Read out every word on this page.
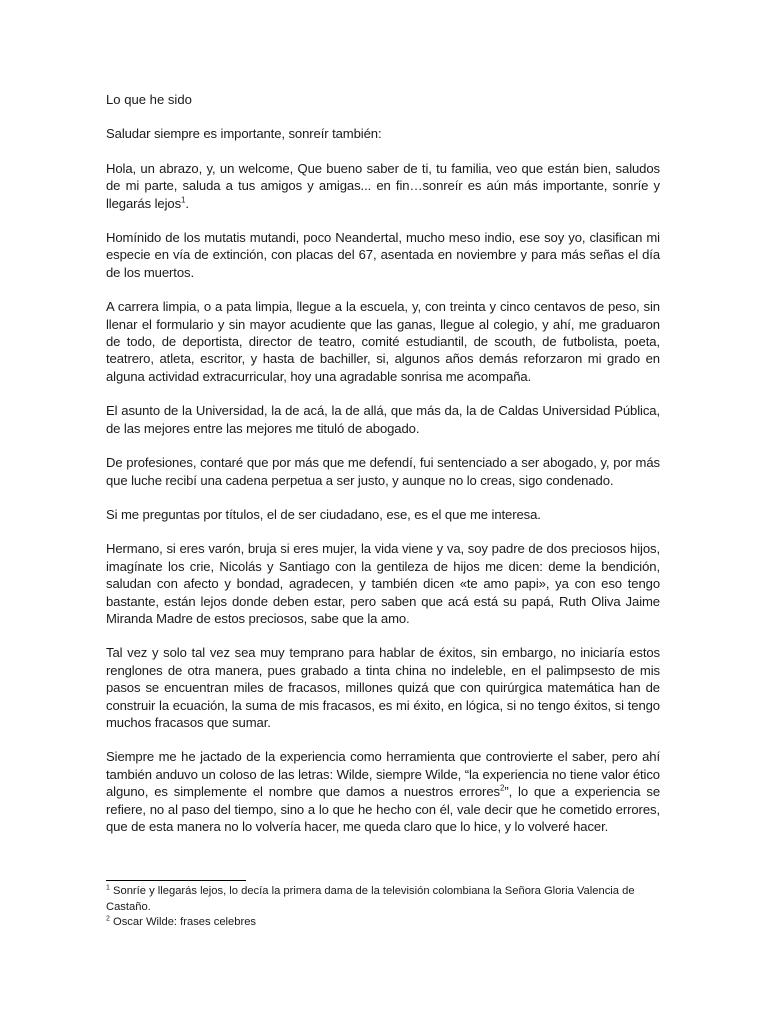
Lo que he sido

Saludar siempre es importante, sonreír también:

Hola, un abrazo, y, un welcome, Que bueno saber de ti, tu familia, veo que están bien, saludos de mi parte, saluda a tus amigos y amigas... en fin…sonreír es aún más importante, sonríe y llegarás lejos$^1$.

Homínido de los mutatis mutandi, poco Neandertal, mucho meso indio, ese soy yo, clasifican mi especie en vía de extinción, con placas del 67, asentada en noviembre y para más señas el día de los muertos.

A carrera limpia, o a pata limpia, llegue a la escuela, y, con treinta y cinco centavos de peso, sin llenar el formulario y sin mayor acudiente que las ganas, llegue al colegio, y ahí, me graduaron de todo, de deportista, director de teatro, comité estudiantil, de scouth, de futbolista, poeta, teatrero, atleta, escritor, y hasta de bachiller, si, algunos años demás reforzaron mi grado en alguna actividad extracurricular, hoy una agradable sonrisa me acompaña.

El asunto de la Universidad, la de acá, la de allá, que más da, la de Caldas Universidad Pública, de las mejores entre las mejores me tituló de abogado.

De profesiones, contaré que por más que me defendí, fui sentenciado a ser abogado, y, por más que luche recibí una cadena perpetua a ser justo, y aunque no lo creas, sigo condenado.

Si me preguntas por títulos, el de ser ciudadano, ese, es el que me interesa.

Hermano, si eres varón, bruja si eres mujer, la vida viene y va, soy padre de dos preciosos hijos, imagínate los crie, Nicolás y Santiago con la gentileza de hijos me dicen: deme la bendición, saludan con afecto y bondad, agradecen, y también dicen «te amo papi», ya con eso tengo bastante, están lejos donde deben estar, pero saben que acá está su papá, Ruth Oliva Jaime Miranda Madre de estos preciosos, sabe que la amo.

Tal vez y solo tal vez sea muy temprano para hablar de éxitos, sin embargo, no iniciaría estos renglones de otra manera, pues grabado a tinta china no indeleble, en el palimpsesto de mis pasos se encuentran miles de fracasos, millones quizá que con quirúrgica matemática han de construir la ecuación, la suma de mis fracasos, es mi éxito, en lógica, si no tengo éxitos, si tengo muchos fracasos que sumar.

Siempre me he jactado de la experiencia como herramienta que controvierte el saber, pero ahí también anduvo un coloso de las letras: Wilde, siempre Wilde, “la experiencia no tiene valor ético alguno, es simplemente el nombre que damos a nuestros errores$^2$”, lo que a experiencia se refiere, no al paso del tiempo, sino a lo que he hecho con él, vale decir que he cometido errores, que de esta manera no lo volvería hacer, me queda claro que lo hice, y lo volveré hacer.

$^1$ Sonríe y llegarás lejos, lo decía la primera dama de la televisión colombiana la Señora Gloria Valencia de Castaño.

$^2$ Oscar Wilde: frases celebres
